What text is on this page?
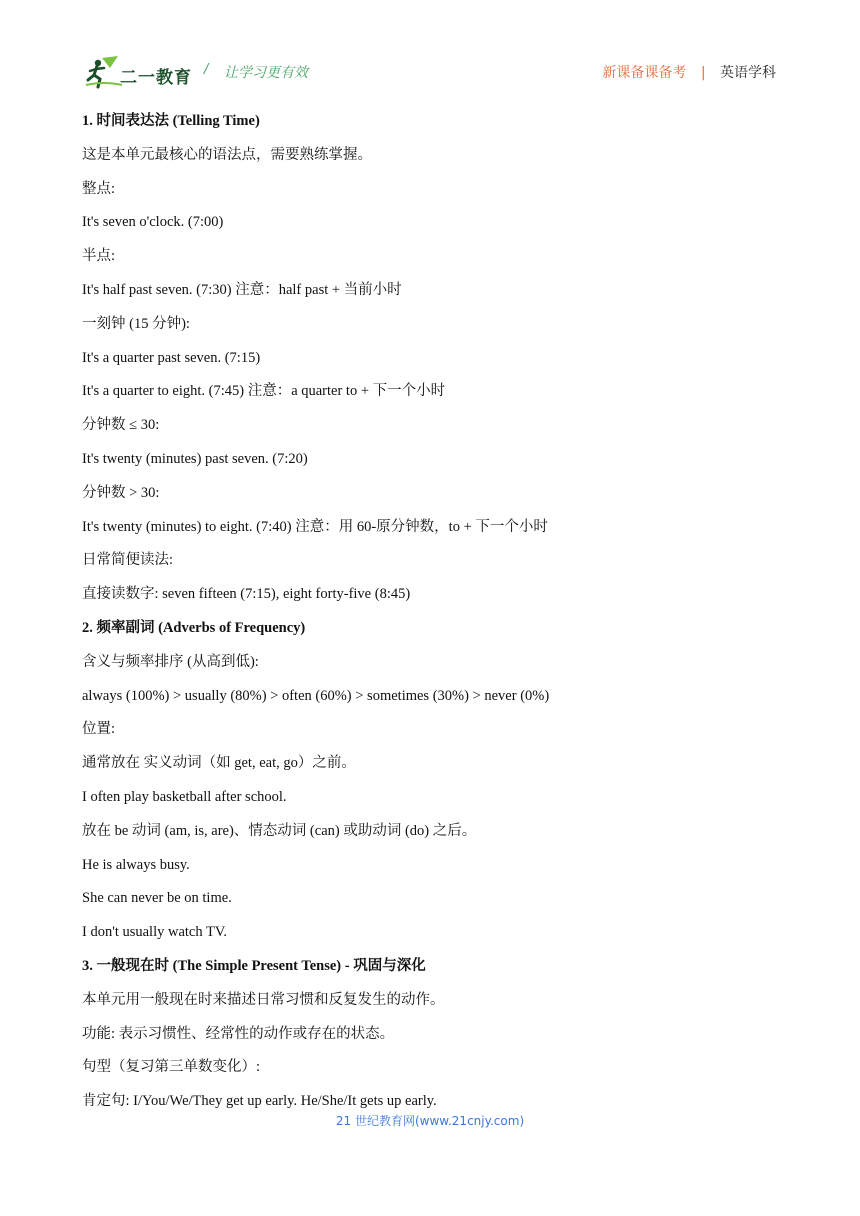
二一教育 / 让学习更有效	新课备课备考 | 英语学科
1. 时间表达法 (Telling Time)
这是本单元最核心的语法点，需要熟练掌握。
整点:
It's seven o'clock. (7:00)
半点:
It's half past seven. (7:30) 注意：half past + 当前小时
一刻钟 (15 分钟):
It's a quarter past seven. (7:15)
It's a quarter to eight. (7:45) 注意：a quarter to + 下一个小时
分钟数 ≤ 30:
It's twenty (minutes) past seven. (7:20)
分钟数 > 30:
It's twenty (minutes) to eight. (7:40) 注意：用 60-原分钟数，to + 下一个小时
日常简便读法:
直接读数字: seven fifteen (7:15), eight forty-five (8:45)
2. 频率副词 (Adverbs of Frequency)
含义与频率排序 (从高到低):
always (100%) > usually (80%) > often (60%) > sometimes (30%) > never (0%)
位置:
通常放在 实义动词（如 get, eat, go）之前。
I often play basketball after school.
放在 be 动词 (am, is, are)、情态动词 (can) 或助动词 (do) 之后。
He is always busy.
She can never be on time.
I don't usually watch TV.
3. 一般现在时 (The Simple Present Tense) - 巩固与深化
本单元用一般现在时来描述日常习惯和反复发生的动作。
功能: 表示习惯性、经常性的动作或存在的状态。
句型（复习第三单数变化）:
肯定句: I/You/We/They get up early. He/She/It gets up early.
21 世纪教育网(www.21cnjy.com)
